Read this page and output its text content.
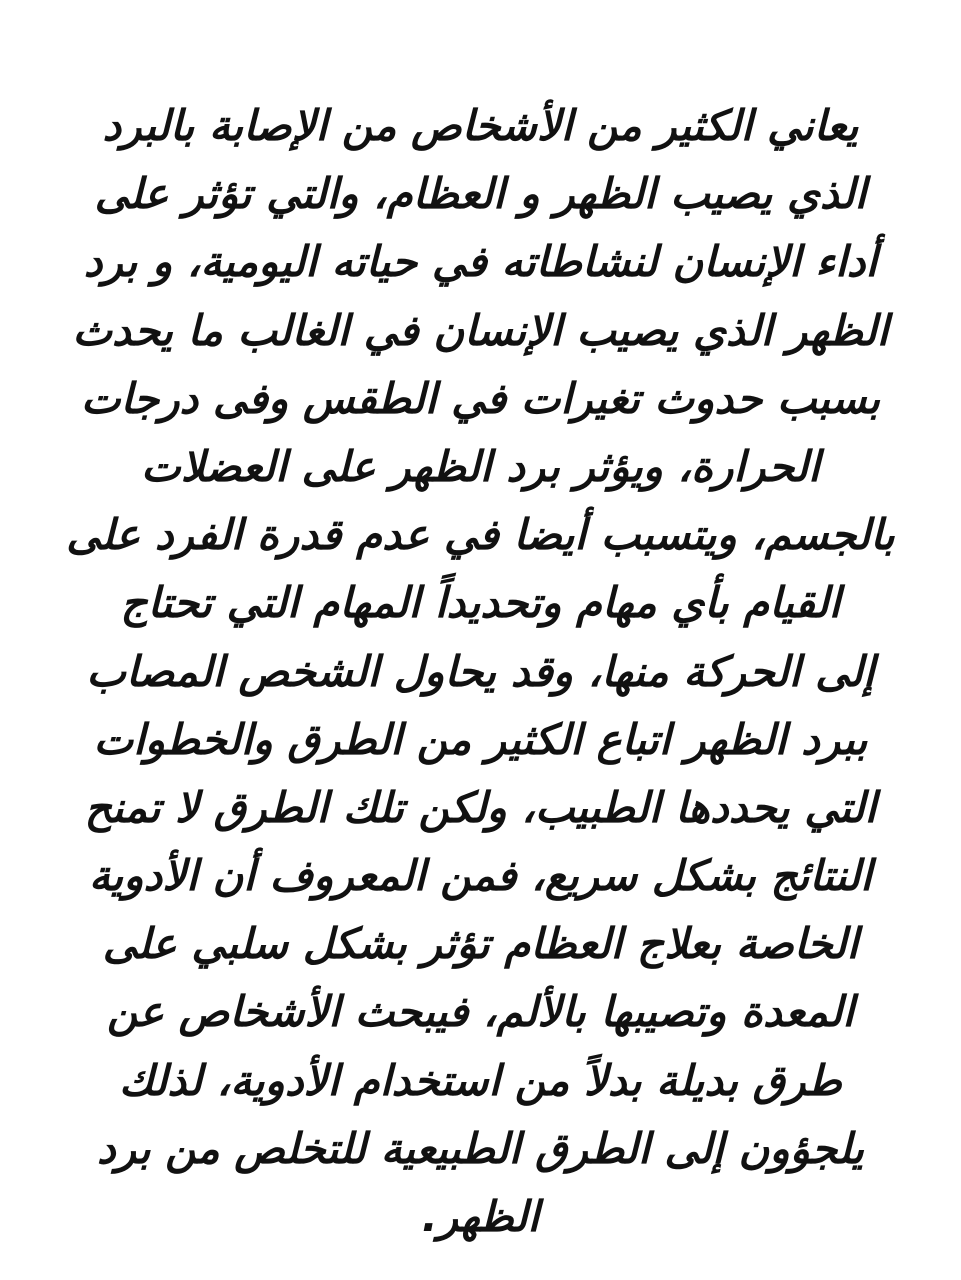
يعاني الكثير من الأشخاص من الإصابة بالبرد
الذي يصيب الظهر و العظام، والتي تؤثر على
أداء الإنسان لنشاطاته في حياته اليومية، و برد
الظهر الذي يصيب الإنسان في الغالب ما يحدث
بسبب حدوث تغيرات في الطقس وفى درجات
الحرارة، ويؤثر برد الظهر على العضلات
بالجسم، ويتسبب أيضا في عدم قدرة الفرد على
القيام بأي مهام وتحديداً المهام التي تحتاج
إلى الحركة منها، وقد يحاول الشخص المصاب
ببرد الظهر اتباع الكثير من الطرق والخطوات
التي يحددها الطبيب، ولكن تلك الطرق لا تمنح
النتائج بشكل سريع، فمن المعروف أن الأدوية
الخاصة بعلاج العظام تؤثر بشكل سلبي على
المعدة وتصيبها بالألم، فيبحث الأشخاص عن
طرق بديلة بدلاً من استخدام الأدوية، لذلك
يلجؤون إلى الطرق الطبيعية للتخلص من برد
الظهر.
